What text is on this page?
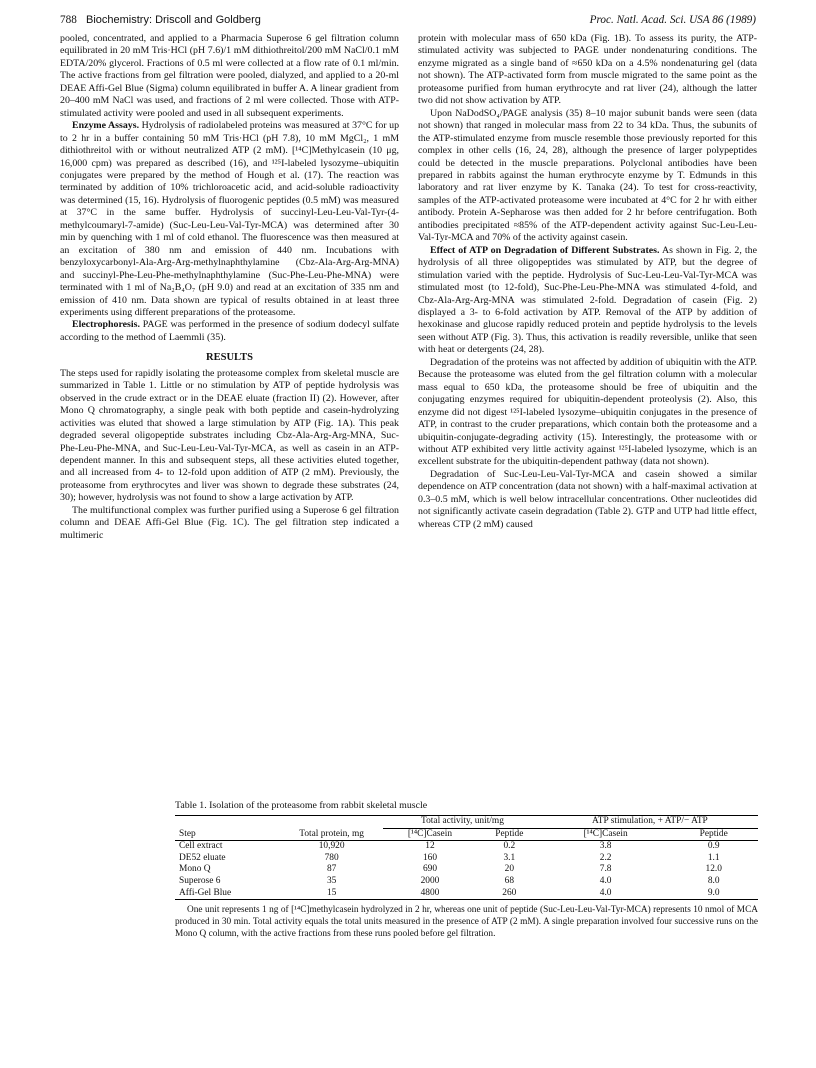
788 Biochemistry: Driscoll and Goldberg	Proc. Natl. Acad. Sci. USA 86 (1989)

pooled, concentrated, and applied to a Pharmacia Superose 6 gel filtration column equilibrated in 20 mM Tris·HCl (pH 7.6)/1 mM dithiothreitol/200 mM NaCl/0.1 mM EDTA/20% glycerol. Fractions of 0.5 ml were collected at a flow rate of 0.1 ml/min. The active fractions from gel filtration were pooled, dialyzed, and applied to a 20-ml DEAE Affi-Gel Blue (Sigma) column equilibrated in buffer A. A linear gradient from 20–400 mM NaCl was used, and fractions of 2 ml were collected. Those with ATP-stimulated activity were pooled and used in all subsequent experiments.

Enzyme Assays. Hydrolysis of radiolabeled proteins was measured at 37°C for up to 2 hr in a buffer containing 50 mM Tris·HCl (pH 7.8), 10 mM MgCl₂, 1 mM dithiothreitol with or without neutralized ATP (2 mM). [¹⁴C]Methylcasein (10 μg, 16,000 cpm) was prepared as described (16), and ¹²⁵I-labeled lysozyme–ubiquitin conjugates were prepared by the method of Hough et al. (17). The reaction was terminated by addition of 10% trichloroacetic acid, and acid-soluble radioactivity was determined (15, 16). Hydrolysis of fluorogenic peptides (0.5 mM) was measured at 37°C in the same buffer. Hydrolysis of succinyl-Leu-Leu-Val-Tyr-(4-methylcoumaryl-7-amide) (Suc-Leu-Leu-Val-Tyr-MCA) was determined after 30 min by quenching with 1 ml of cold ethanol. The fluorescence was then measured at an excitation of 380 nm and emission of 440 nm. Incubations with benzyloxycarbonyl-Ala-Arg-Arg-methylnaphthylamine (Cbz-Ala-Arg-Arg-MNA) and succinyl-Phe-Leu-Phe-methylnaphthylamine (Suc-Phe-Leu-Phe-MNA) were terminated with 1 ml of Na₂B₄O₇ (pH 9.0) and read at an excitation of 335 nm and emission of 410 nm. Data shown are typical of results obtained in at least three experiments using different preparations of the proteasome.

Electrophoresis. PAGE was performed in the presence of sodium dodecyl sulfate according to the method of Laemmli (35).

RESULTS

The steps used for rapidly isolating the proteasome complex from skeletal muscle are summarized in Table 1. Little or no stimulation by ATP of peptide hydrolysis was observed in the crude extract or in the DEAE eluate (fraction II) (2). However, after Mono Q chromatography, a single peak with both peptide and casein-hydrolyzing activities was eluted that showed a large stimulation by ATP (Fig. 1A). This peak degraded several oligopeptide substrates including Cbz-Ala-Arg-Arg-MNA, Suc-Phe-Leu-Phe-MNA, and Suc-Leu-Leu-Val-Tyr-MCA, as well as casein in an ATP-dependent manner. In this and subsequent steps, all these activities eluted together, and all increased from 4- to 12-fold upon addition of ATP (2 mM). Previously, the proteasome from erythrocytes and liver was shown to degrade these substrates (24, 30); however, hydrolysis was not found to show a large activation by ATP.

The multifunctional complex was further purified using a Superose 6 gel filtration column and DEAE Affi-Gel Blue (Fig. 1C). The gel filtration step indicated a multimeric

protein with molecular mass of 650 kDa (Fig. 1B). To assess its purity, the ATP-stimulated activity was subjected to PAGE under nondenaturing conditions. The enzyme migrated as a single band of ≈650 kDa on a 4.5% nondenaturing gel (data not shown). The ATP-activated form from muscle migrated to the same point as the proteasome purified from human erythrocyte and rat liver (24), although the latter two did not show activation by ATP.

Upon NaDodSO₄/PAGE analysis (35) 8–10 major subunit bands were seen (data not shown) that ranged in molecular mass from 22 to 34 kDa. Thus, the subunits of the ATP-stimulated enzyme from muscle resemble those previously reported for this complex in other cells (16, 24, 28), although the presence of larger polypeptides could be detected in the muscle preparations. Polyclonal antibodies have been prepared in rabbits against the human erythrocyte enzyme by T. Edmunds in this laboratory and rat liver enzyme by K. Tanaka (24). To test for cross-reactivity, samples of the ATP-activated proteasome were incubated at 4°C for 2 hr with either antibody. Protein A-Sepharose was then added for 2 hr before centrifugation. Both antibodies precipitated ≈85% of the ATP-dependent activity against Suc-Leu-Leu-Val-Tyr-MCA and 70% of the activity against casein.

Effect of ATP on Degradation of Different Substrates. As shown in Fig. 2, the hydrolysis of all three oligopeptides was stimulated by ATP, but the degree of stimulation varied with the peptide. Hydrolysis of Suc-Leu-Leu-Val-Tyr-MCA was stimulated most (to 12-fold), Suc-Phe-Leu-Phe-MNA was stimulated 4-fold, and Cbz-Ala-Arg-Arg-MNA was stimulated 2-fold. Degradation of casein (Fig. 2) displayed a 3- to 6-fold activation by ATP. Removal of the ATP by addition of hexokinase and glucose rapidly reduced protein and peptide hydrolysis to the levels seen without ATP (Fig. 3). Thus, this activation is readily reversible, unlike that seen with heat or detergents (24, 28).

Degradation of the proteins was not affected by addition of ubiquitin with the ATP. Because the proteasome was eluted from the gel filtration column with a molecular mass equal to 650 kDa, the proteasome should be free of ubiquitin and the conjugating enzymes required for ubiquitin-dependent proteolysis (2). Also, this enzyme did not digest ¹²⁵I-labeled lysozyme–ubiquitin conjugates in the presence of ATP, in contrast to the cruder preparations, which contain both the proteasome and a ubiquitin-conjugate-degrading activity (15). Interestingly, the proteasome with or without ATP exhibited very little activity against ¹²⁵I-labeled lysozyme, which is an excellent substrate for the ubiquitin-dependent pathway (data not shown).

Degradation of Suc-Leu-Leu-Val-Tyr-MCA and casein showed a similar dependence on ATP concentration (data not shown) with a half-maximal activation at 0.3–0.5 mM, which is well below intracellular concentrations. Other nucleotides did not significantly activate casein degradation (Table 2). GTP and UTP had little effect, whereas CTP (2 mM) caused

Table 1. Isolation of the proteasome from rabbit skeletal muscle
Step	Total protein, mg	Total activity, unit/mg		ATP stimulation, + ATP/− ATP	
		[¹⁴C]Casein	Peptide	[¹⁴C]Casein	Peptide
Cell extract	10,920	12	0.2	3.8	0.9
DE52 eluate	780	160	3.1	2.2	1.1
Mono Q	87	690	20	7.8	12.0
Superose 6	35	2000	68	4.0	8.0
Affi-Gel Blue	15	4800	260	4.0	9.0
One unit represents 1 ng of [¹⁴C]methylcasein hydrolyzed in 2 hr, whereas one unit of peptide (Suc-Leu-Leu-Val-Tyr-MCA) represents 10 nmol of MCA produced in 30 min. Total activity equals the total units measured in the presence of ATP (2 mM). A single preparation involved four successive runs on the Mono Q column, with the active fractions from these runs pooled before gel filtration.
